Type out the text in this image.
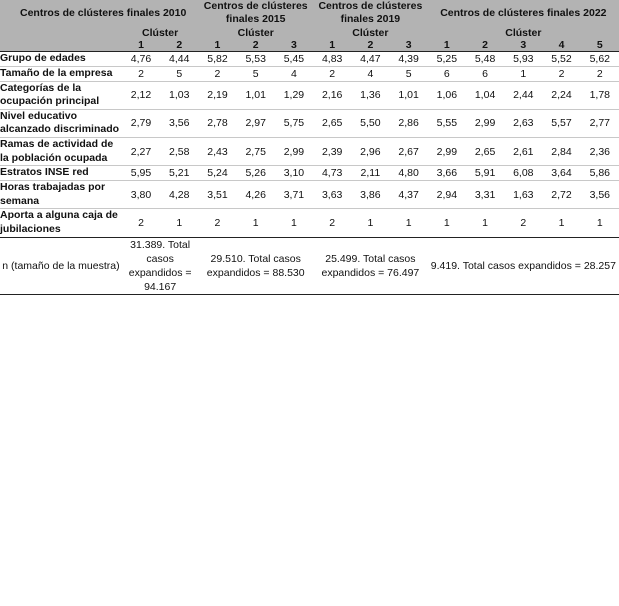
Centros de clústeres finales 2010			Centros de clústeres finales 2015			Centros de clústeres finales 2019			Centros de clústeres finales 2022				
	Clúster		Clúster			Clúster			Clúster				
	1	2	1	2	3	1	2	3	1	2	3	4	5
Grupo de edades	4,76	4,44	5,82	5,53	5,45	4,83	4,47	4,39	5,25	5,48	5,93	5,52	5,62
Tamaño de la empresa	2	5	2	5	4	2	4	5	6	6	1	2	2
Categorías de la ocupación principal	2,12	1,03	2,19	1,01	1,29	2,16	1,36	1,01	1,06	1,04	2,44	2,24	1,78
Nivel educativo alcanzado discriminado	2,79	3,56	2,78	2,97	5,75	2,65	5,50	2,86	5,55	2,99	2,63	5,57	2,77
Ramas de actividad de la población ocupada	2,27	2,58	2,43	2,75	2,99	2,39	2,96	2,67	2,99	2,65	2,61	2,84	2,36
Estratos INSE red	5,95	5,21	5,24	5,26	3,10	4,73	2,11	4,80	3,66	5,91	6,08	3,64	5,86
Horas trabajadas por semana	3,80	4,28	3,51	4,26	3,71	3,63	3,86	4,37	2,94	3,31	1,63	2,72	3,56
Aporta a alguna caja de jubilaciones	2	1	2	1	1	2	1	1	1	1	2	1	1
n (tamaño de la muestra)	31.389. Total casos expandidos = 94.167		29.510. Total casos expandidos = 88.530			25.499. Total casos expandidos = 76.497			9.419. Total casos expandidos = 28.257				
